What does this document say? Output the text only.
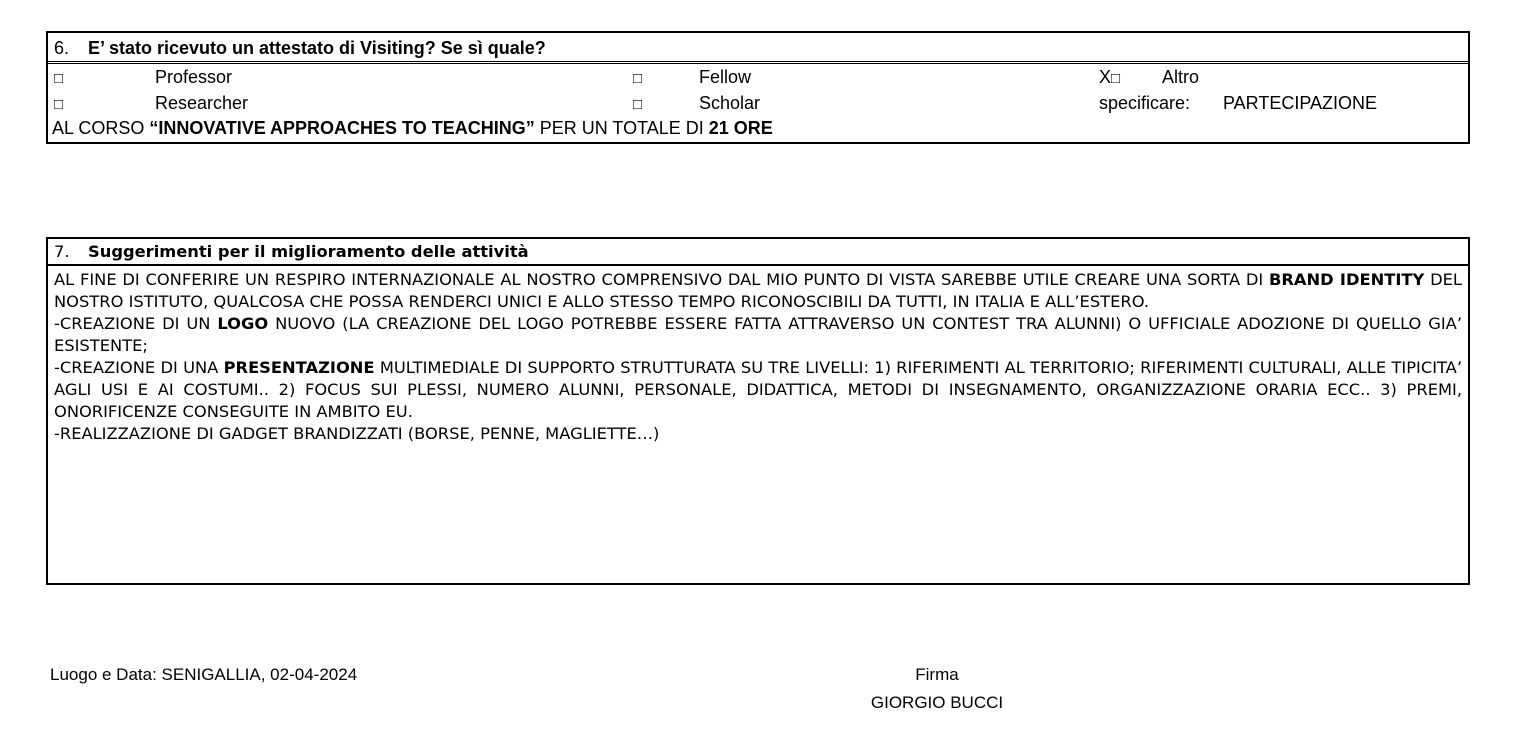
6. E’ stato ricevuto un attestato di Visiting? Se sì quale?
□	Professor	□	Fellow	X□ Altro
□	Researcher	□	Scholar	specificare: PARTECIPAZIONE
AL CORSO “INNOVATIVE APPROACHES TO TEACHING” PER UN TOTALE DI 21 ORE
7. Suggerimenti per il miglioramento delle attività

AL FINE DI CONFERIRE UN RESPIRO INTERNAZIONALE AL NOSTRO COMPRENSIVO DAL MIO PUNTO DI VISTA SAREBBE UTILE CREARE UNA SORTA DI BRAND IDENTITY DEL NOSTRO ISTITUTO, QUALCOSA CHE POSSA RENDERCI UNICI E ALLO STESSO TEMPO RICONOSCIBILI DA TUTTI, IN ITALIA E ALL’ESTERO.

-CREAZIONE DI UN LOGO NUOVO (LA CREAZIONE DEL LOGO POTREBBE ESSERE FATTA ATTRAVERSO UN CONTEST TRA ALUNNI) O UFFICIALE ADOZIONE DI QUELLO GIA’ ESISTENTE;

-CREAZIONE DI UNA PRESENTAZIONE MULTIMEDIALE DI SUPPORTO STRUTTURATA SU TRE LIVELLI: 1) RIFERIMENTI AL TERRITORIO; RIFERIMENTI CULTURALI, ALLE TIPICITA’ AGLI USI E AI COSTUMI.. 2) FOCUS SUI PLESSI, NUMERO ALUNNI, PERSONALE, DIDATTICA, METODI DI INSEGNAMENTO, ORGANIZZAZIONE ORARIA ECC.. 3) PREMI, ONORIFICENZE CONSEGUITE IN AMBITO EU.

-REALIZZAZIONE DI GADGET BRANDIZZATI (BORSE, PENNE, MAGLIETTE…)

Luogo e Data: SENIGALLIA, 02-04-2024	Firma
GIORGIO BUCCI
